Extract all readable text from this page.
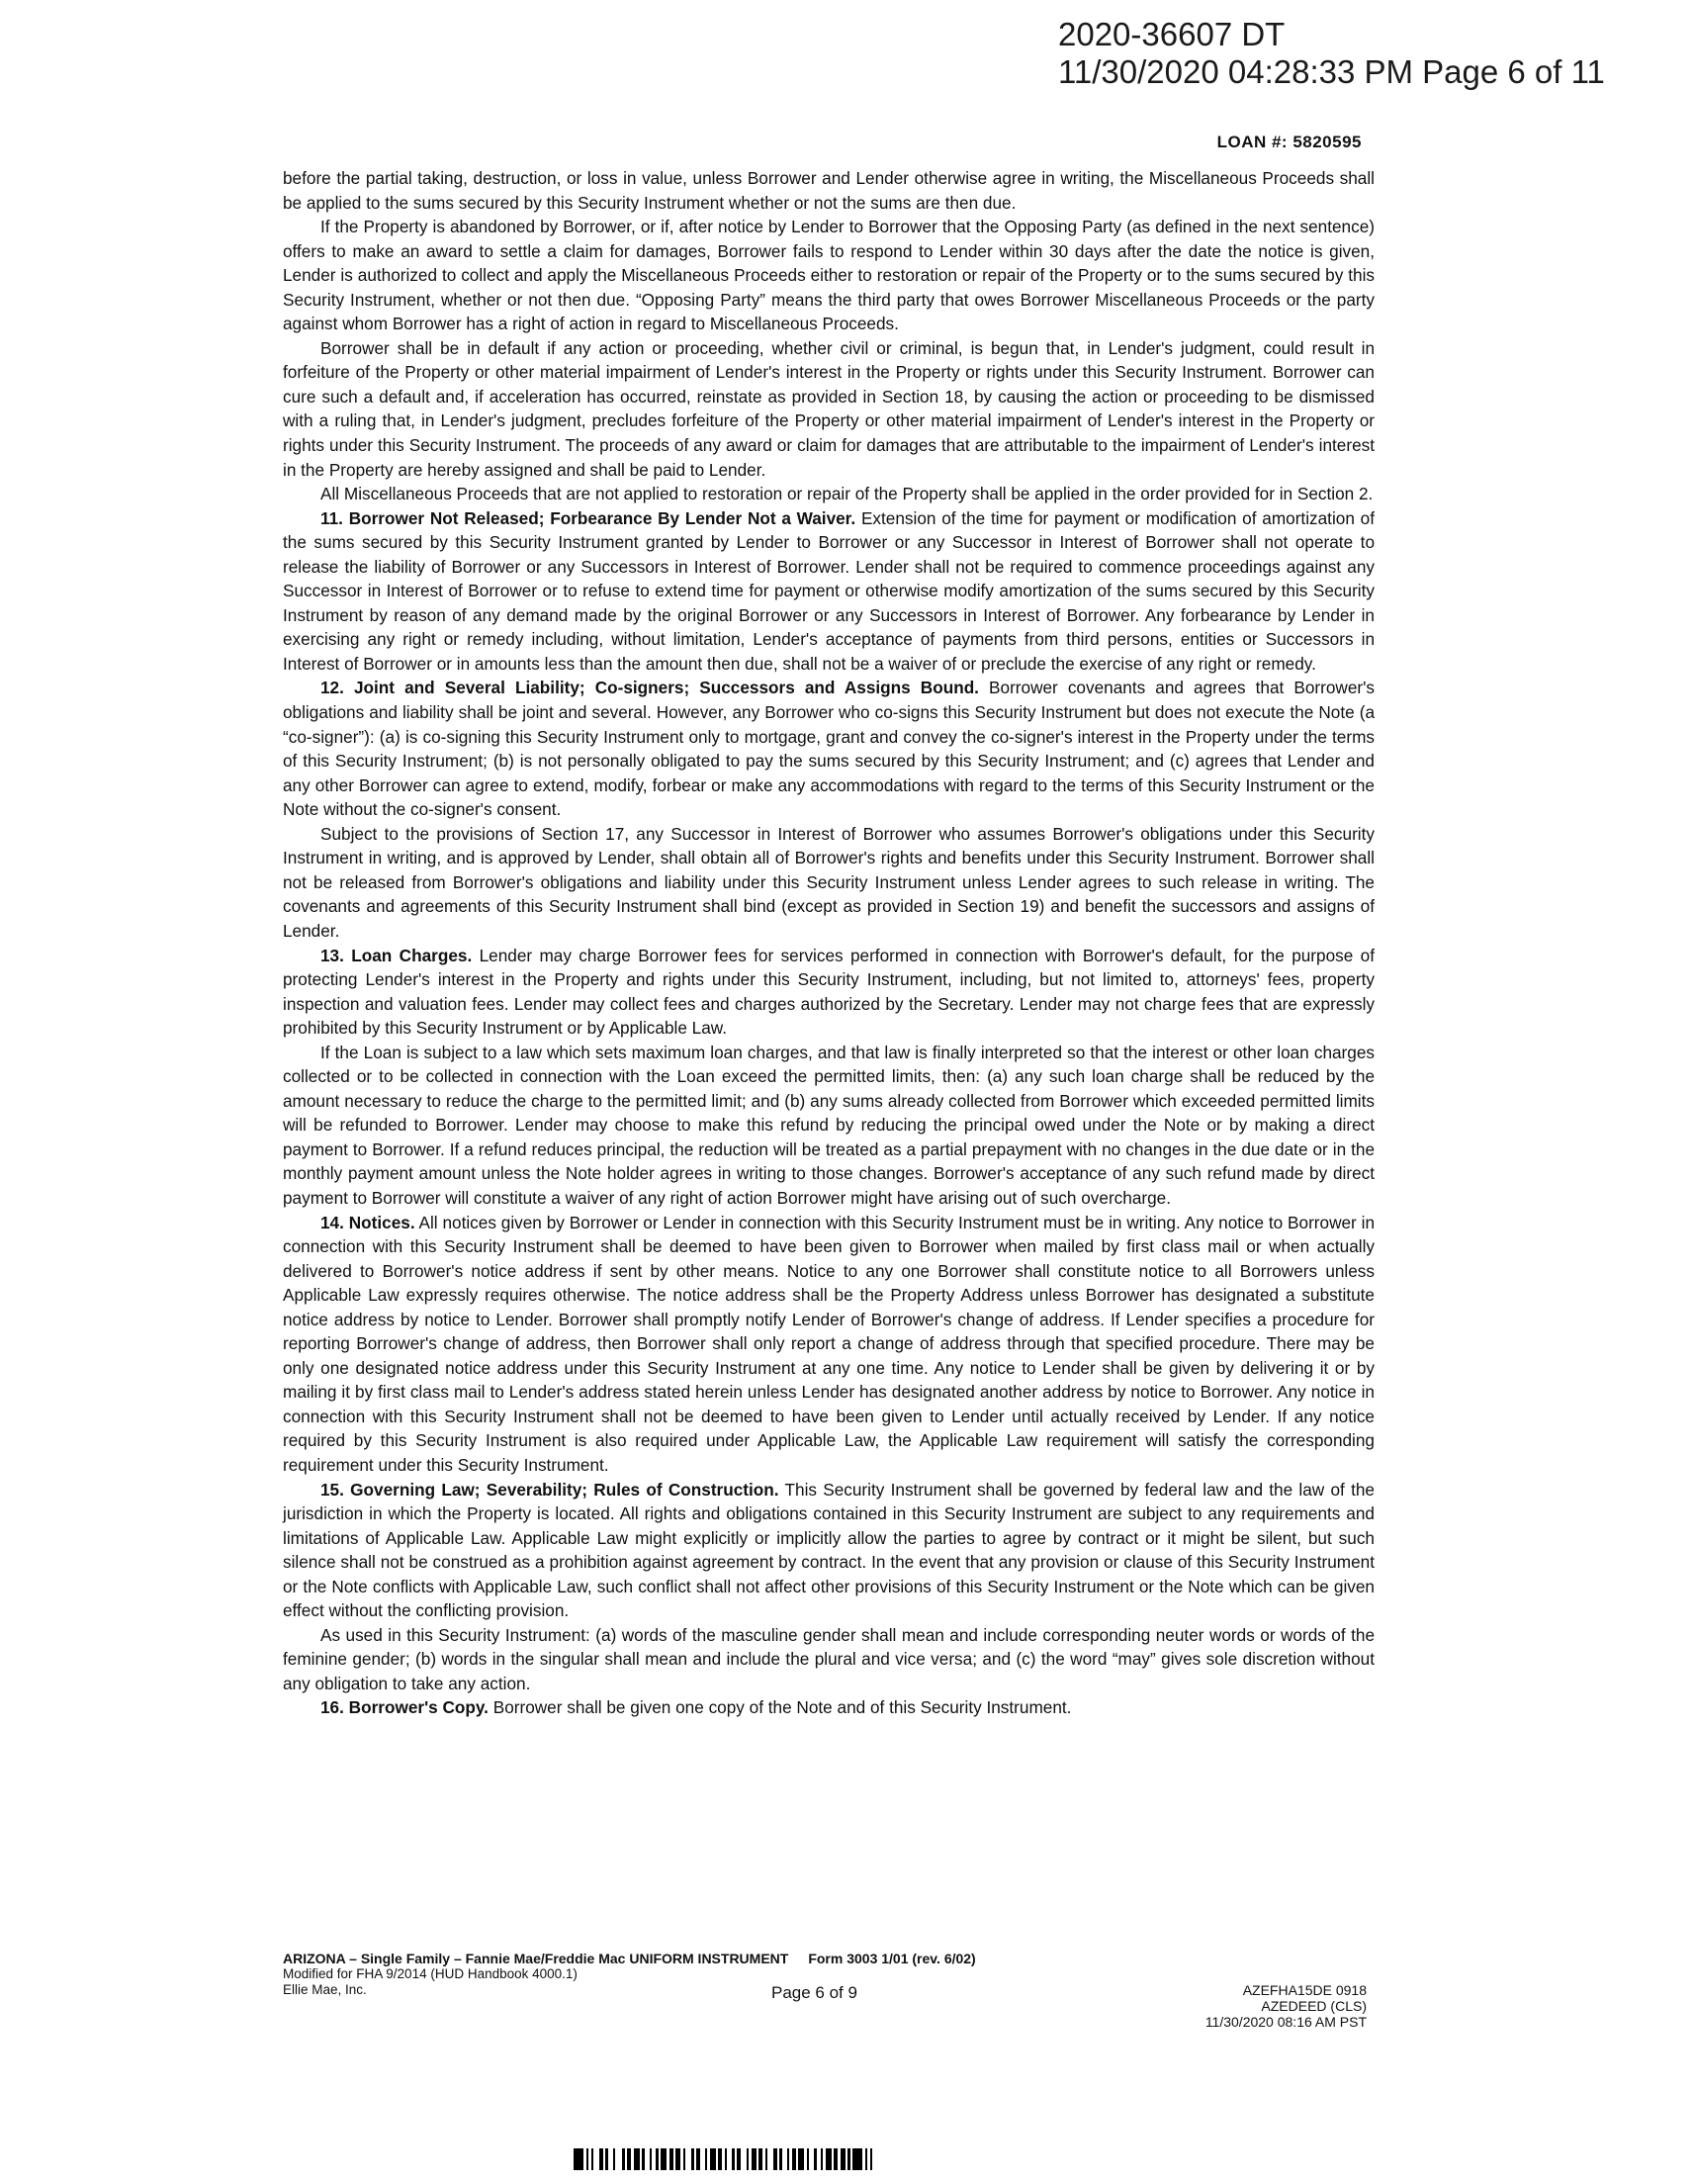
2020-36607 DT
11/30/2020 04:28:33 PM Page 6 of 11
LOAN #: 5820595

before the partial taking, destruction, or loss in value, unless Borrower and Lender otherwise agree in writing, the Miscellaneous Proceeds shall be applied to the sums secured by this Security Instrument whether or not the sums are then due.

If the Property is abandoned by Borrower, or if, after notice by Lender to Borrower that the Opposing Party (as defined in the next sentence) offers to make an award to settle a claim for damages, Borrower fails to respond to Lender within 30 days after the date the notice is given, Lender is authorized to collect and apply the Miscellaneous Proceeds either to restoration or repair of the Property or to the sums secured by this Security Instrument, whether or not then due. “Opposing Party” means the third party that owes Borrower Miscellaneous Proceeds or the party against whom Borrower has a right of action in regard to Miscellaneous Proceeds.

Borrower shall be in default if any action or proceeding, whether civil or criminal, is begun that, in Lender's judgment, could result in forfeiture of the Property or other material impairment of Lender's interest in the Property or rights under this Security Instrument. Borrower can cure such a default and, if acceleration has occurred, reinstate as provided in Section 18, by causing the action or proceeding to be dismissed with a ruling that, in Lender's judgment, precludes forfeiture of the Property or other material impairment of Lender's interest in the Property or rights under this Security Instrument. The proceeds of any award or claim for damages that are attributable to the impairment of Lender's interest in the Property are hereby assigned and shall be paid to Lender.

All Miscellaneous Proceeds that are not applied to restoration or repair of the Property shall be applied in the order provided for in Section 2.

11. Borrower Not Released; Forbearance By Lender Not a Waiver. Extension of the time for payment or modification of amortization of the sums secured by this Security Instrument granted by Lender to Borrower or any Successor in Interest of Borrower shall not operate to release the liability of Borrower or any Successors in Interest of Borrower. Lender shall not be required to commence proceedings against any Successor in Interest of Borrower or to refuse to extend time for payment or otherwise modify amortization of the sums secured by this Security Instrument by reason of any demand made by the original Borrower or any Successors in Interest of Borrower. Any forbearance by Lender in exercising any right or remedy including, without limitation, Lender's acceptance of payments from third persons, entities or Successors in Interest of Borrower or in amounts less than the amount then due, shall not be a waiver of or preclude the exercise of any right or remedy.

12. Joint and Several Liability; Co-signers; Successors and Assigns Bound. Borrower covenants and agrees that Borrower's obligations and liability shall be joint and several. However, any Borrower who co-signs this Security Instrument but does not execute the Note (a “co-signer”): (a) is co-signing this Security Instrument only to mortgage, grant and convey the co-signer's interest in the Property under the terms of this Security Instrument; (b) is not personally obligated to pay the sums secured by this Security Instrument; and (c) agrees that Lender and any other Borrower can agree to extend, modify, forbear or make any accommodations with regard to the terms of this Security Instrument or the Note without the co-signer's consent.

Subject to the provisions of Section 17, any Successor in Interest of Borrower who assumes Borrower's obligations under this Security Instrument in writing, and is approved by Lender, shall obtain all of Borrower's rights and benefits under this Security Instrument. Borrower shall not be released from Borrower's obligations and liability under this Security Instrument unless Lender agrees to such release in writing. The covenants and agreements of this Security Instrument shall bind (except as provided in Section 19) and benefit the successors and assigns of Lender.

13. Loan Charges. Lender may charge Borrower fees for services performed in connection with Borrower's default, for the purpose of protecting Lender's interest in the Property and rights under this Security Instrument, including, but not limited to, attorneys' fees, property inspection and valuation fees. Lender may collect fees and charges authorized by the Secretary. Lender may not charge fees that are expressly prohibited by this Security Instrument or by Applicable Law.

If the Loan is subject to a law which sets maximum loan charges, and that law is finally interpreted so that the interest or other loan charges collected or to be collected in connection with the Loan exceed the permitted limits, then: (a) any such loan charge shall be reduced by the amount necessary to reduce the charge to the permitted limit; and (b) any sums already collected from Borrower which exceeded permitted limits will be refunded to Borrower. Lender may choose to make this refund by reducing the principal owed under the Note or by making a direct payment to Borrower. If a refund reduces principal, the reduction will be treated as a partial prepayment with no changes in the due date or in the monthly payment amount unless the Note holder agrees in writing to those changes. Borrower's acceptance of any such refund made by direct payment to Borrower will constitute a waiver of any right of action Borrower might have arising out of such overcharge.

14. Notices. All notices given by Borrower or Lender in connection with this Security Instrument must be in writing. Any notice to Borrower in connection with this Security Instrument shall be deemed to have been given to Borrower when mailed by first class mail or when actually delivered to Borrower's notice address if sent by other means. Notice to any one Borrower shall constitute notice to all Borrowers unless Applicable Law expressly requires otherwise. The notice address shall be the Property Address unless Borrower has designated a substitute notice address by notice to Lender. Borrower shall promptly notify Lender of Borrower's change of address. If Lender specifies a procedure for reporting Borrower's change of address, then Borrower shall only report a change of address through that specified procedure. There may be only one designated notice address under this Security Instrument at any one time. Any notice to Lender shall be given by delivering it or by mailing it by first class mail to Lender's address stated herein unless Lender has designated another address by notice to Borrower. Any notice in connection with this Security Instrument shall not be deemed to have been given to Lender until actually received by Lender. If any notice required by this Security Instrument is also required under Applicable Law, the Applicable Law requirement will satisfy the corresponding requirement under this Security Instrument.

15. Governing Law; Severability; Rules of Construction. This Security Instrument shall be governed by federal law and the law of the jurisdiction in which the Property is located. All rights and obligations contained in this Security Instrument are subject to any requirements and limitations of Applicable Law. Applicable Law might explicitly or implicitly allow the parties to agree by contract or it might be silent, but such silence shall not be construed as a prohibition against agreement by contract. In the event that any provision or clause of this Security Instrument or the Note conflicts with Applicable Law, such conflict shall not affect other provisions of this Security Instrument or the Note which can be given effect without the conflicting provision.

As used in this Security Instrument: (a) words of the masculine gender shall mean and include corresponding neuter words or words of the feminine gender; (b) words in the singular shall mean and include the plural and vice versa; and (c) the word “may” gives sole discretion without any obligation to take any action.

16. Borrower's Copy. Borrower shall be given one copy of the Note and of this Security Instrument.

ARIZONA – Single Family – Fannie Mae/Freddie Mac UNIFORM INSTRUMENT Form 3003 1/01 (rev. 6/02)
Modified for FHA 9/2014 (HUD Handbook 4000.1)
Ellie Mae, Inc.	Page 6 of 9	AZEFHA15DE 0918
AZEDEED (CLS)
11/30/2020 08:16 AM PST
